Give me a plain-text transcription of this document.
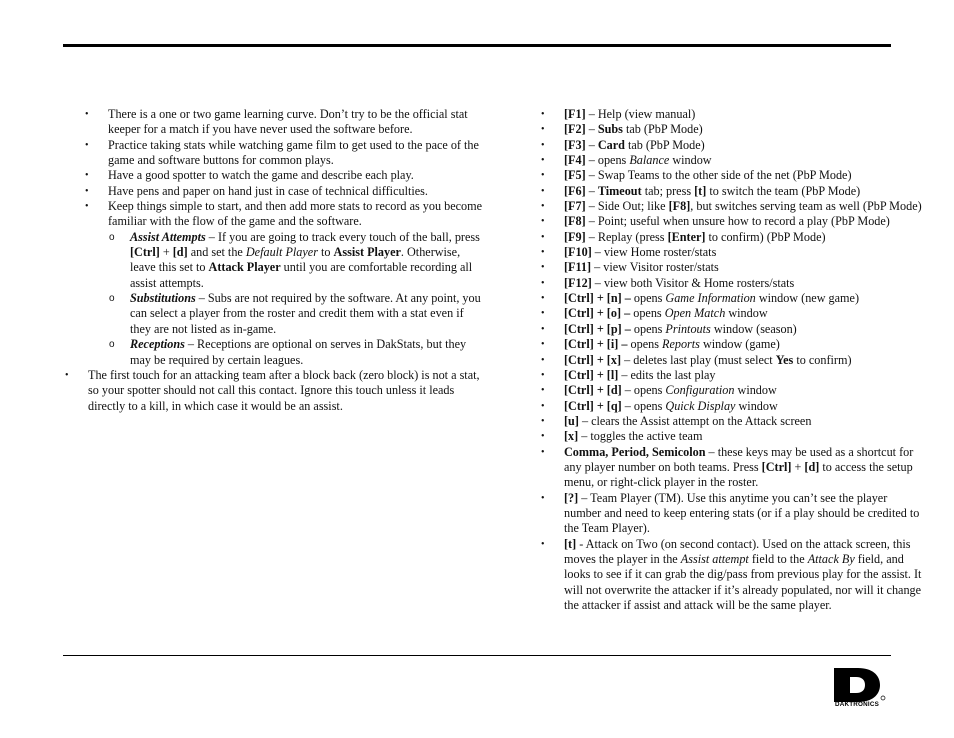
• There is a one or two game learning curve. Don’t try to be the official stat keeper for a match if you have never used the software before.
• Practice taking stats while watching game film to get used to the pace of the game and software buttons for common plays.
• Have a good spotter to watch the game and describe each play.
• Have pens and paper on hand just in case of technical difficulties.
• Keep things simple to start, and then add more stats to record as you become familiar with the flow of the game and the software.
o Assist Attempts – If you are going to track every touch of the ball, press [Ctrl] + [d] and set the Default Player to Assist Player. Otherwise, leave this set to Attack Player until you are comfortable recording all assist attempts.
o Substitutions – Subs are not required by the software. At any point, you can select a player from the roster and credit them with a stat even if they are not listed as in-game.
o Receptions – Receptions are optional on serves in DakStats, but they may be required by certain leagues.
• The first touch for an attacking team after a block back (zero block) is not a stat, so your spotter should not call this contact. Ignore this touch unless it leads directly to a kill, in which case it would be an assist.
• [F1] – Help (view manual)
• [F2] – Subs tab (PbP Mode)
• [F3] – Card tab (PbP Mode)
• [F4] – opens Balance window
• [F5] – Swap Teams to the other side of the net (PbP Mode)
• [F6] – Timeout tab; press [t] to switch the team (PbP Mode)
• [F7] – Side Out; like [F8], but switches serving team as well (PbP Mode)
• [F8] – Point; useful when unsure how to record a play (PbP Mode)
• [F9] – Replay (press [Enter] to confirm) (PbP Mode)
• [F10] – view Home roster/stats
• [F11] – view Visitor roster/stats
• [F12] – view both Visitor & Home rosters/stats
• [Ctrl] + [n] – opens Game Information window (new game)
• [Ctrl] + [o] – opens Open Match window
• [Ctrl] + [p] – opens Printouts window (season)
• [Ctrl] + [i] – opens Reports window (game)
• [Ctrl] + [x] – deletes last play (must select Yes to confirm)
• [Ctrl] + [l] – edits the last play
• [Ctrl] + [d] – opens Configuration window
• [Ctrl] + [q] – opens Quick Display window
• [u] – clears the Assist attempt on the Attack screen
• [x] – toggles the active team
• Comma, Period, Semicolon – these keys may be used as a shortcut for any player number on both teams. Press [Ctrl] + [d] to access the setup menu, or right-click player in the roster.
• [?] – Team Player (TM). Use this anytime you can’t see the player number and need to keep entering stats (or if a play should be credited to the Team Player).
• [t] - Attack on Two (on second contact). Used on the attack screen, this moves the player in the Assist attempt field to the Attack By field, and looks to see if it can grab the dig/pass from previous play for the assist. It will not overwrite the attacker if it’s already populated, nor will it change the attacker if assist and attack will be the same player.
DAKTRONICS
